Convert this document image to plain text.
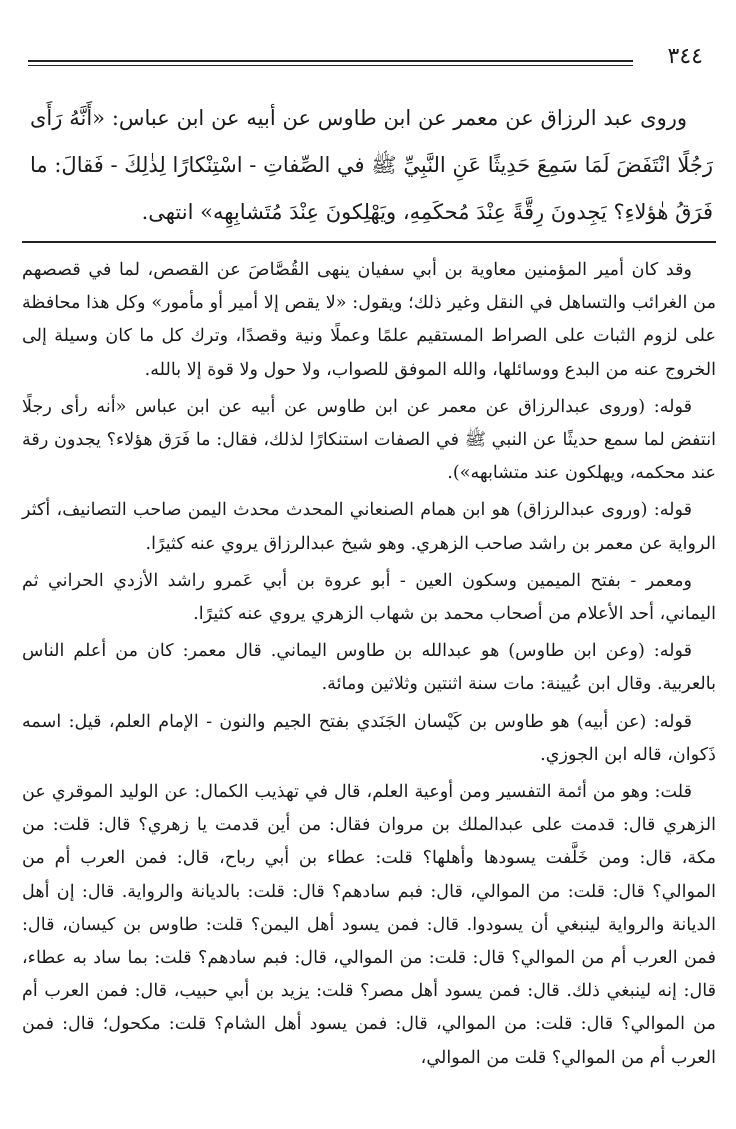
٣٤٤

وروى عبد الرزاق عن معمر عن ابن طاوس عن أبيه عن ابن عباس: «أَنَّهُ رَأَى رَجُلًا انْتَفَضَ لَمَا سَمِعَ حَدِيثًا عَنِ النَّبِيِّ ﷺ في الصِّفاتِ - اسْتِنْكارًا لِذٰلِكَ - فَقالَ: ما فَرَقُ هٰؤلاءِ؟ يَجِدونَ رِقَّةً عِنْدَ مُحكَمِهِ، ويَهْلِكونَ عِنْدَ مُتَشابِهِه» انتهى.

وقد كان أمير المؤمنين معاوية بن أبي سفيان ينهى القُصَّاصَ عن القصص، لما في قصصهم من الغرائب والتساهل في النقل وغير ذلك؛ ويقول: «لا يقص إلا أمير أو مأمور» وكل هذا محافظة على لزوم الثبات على الصراط المستقيم علمًا وعملًا ونية وقصدًا، وترك كل ما كان وسيلة إلى الخروج عنه من البدع ووسائلها، والله الموفق للصواب، ولا حول ولا قوة إلا بالله.

قوله: (وروى عبدالرزاق عن معمر عن ابن طاوس عن أبيه عن ابن عباس «أنه رأى رجلًا انتفض لما سمع حديثًا عن النبي ﷺ في الصفات استنكارًا لذلك، فقال: ما فَرَق هؤلاء؟ يجدون رقة عند محكمه، ويهلكون عند متشابهه»).

قوله: (وروى عبدالرزاق) هو ابن همام الصنعاني المحدث محدث اليمن صاحب التصانيف، أكثر الرواية عن معمر بن راشد صاحب الزهري. وهو شيخ عبدالرزاق يروي عنه كثيرًا.

ومعمر - بفتح الميمين وسكون العين - أبو عروة بن أبي عَمرو راشد الأزدي الحراني ثم اليماني، أحد الأعلام من أصحاب محمد بن شهاب الزهري يروي عنه كثيرًا.

قوله: (وعن ابن طاوس) هو عبدالله بن طاوس اليماني. قال معمر: كان من أعلم الناس بالعربية. وقال ابن عُيينة: مات سنة اثنتين وثلاثين ومائة.

قوله: (عن أبيه) هو طاوس بن كَيْسان الجَنَدي بفتح الجيم والنون - الإمام العلم، قيل: اسمه ذَكوان، قاله ابن الجوزي.

قلت: وهو من أئمة التفسير ومن أوعية العلم، قال في تهذيب الكمال: عن الوليد الموقري عن الزهري قال: قدمت على عبدالملك بن مروان فقال: من أين قدمت يا زهري؟ قال: قلت: من مكة، قال: ومن خَلَّفت يسودها وأهلها؟ قلت: عطاء بن أبي رباح، قال: فمن العرب أم من الموالي؟ قال: قلت: من الموالي، قال: فبم سادهم؟ قال: قلت: بالديانة والرواية. قال: إن أهل الديانة والرواية لينبغي أن يسودوا. قال: فمن يسود أهل اليمن؟ قلت: طاوس بن كيسان، قال: فمن العرب أم من الموالي؟ قال: قلت: من الموالي، قال: فبم سادهم؟ قلت: بما ساد به عطاء، قال: إنه لينبغي ذلك. قال: فمن يسود أهل مصر؟ قلت: يزيد بن أبي حبيب، قال: فمن العرب أم من الموالي؟ قال: قلت: من الموالي، قال: فمن يسود أهل الشام؟ قلت: مكحول؛ قال: فمن العرب أم من الموالي؟ قلت من الموالي،
